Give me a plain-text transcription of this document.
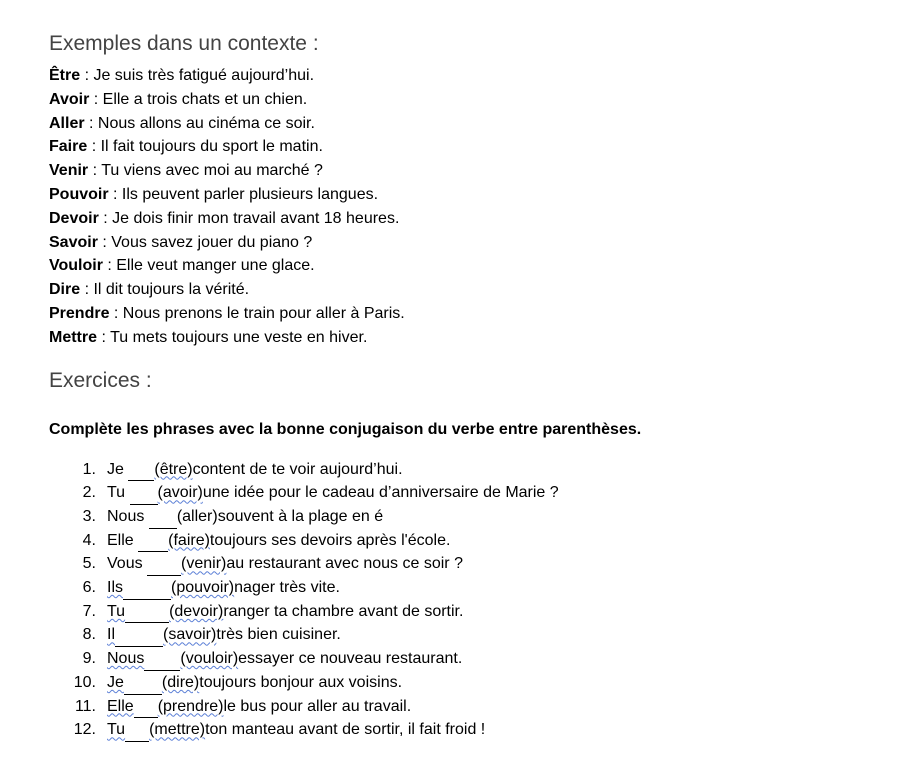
Exemples dans un contexte :
Être : Je suis très fatigué aujourd’hui.
Avoir : Elle a trois chats et un chien.
Aller : Nous allons au cinéma ce soir.
Faire : Il fait toujours du sport le matin.
Venir : Tu viens avec moi au marché ?
Pouvoir : Ils peuvent parler plusieurs langues.
Devoir : Je dois finir mon travail avant 18 heures.
Savoir : Vous savez jouer du piano ?
Vouloir : Elle veut manger une glace.
Dire : Il dit toujours la vérité.
Prendre : Nous prenons le train pour aller à Paris.
Mettre : Tu mets toujours une veste en hiver.
Exercices :

Complète les phrases avec la bonne conjugaison du verbe entre parenthèses.

1. Je
(être) content de te voir aujourd’hui.
2. Tu
(avoir) une idée pour le cadeau d’anniversaire de Marie ?
3. Nous
(aller) souvent à la plage en é
4. Elle
(faire) toujours ses devoirs après l'école.
5. Vous
(venir) au restaurant avec nous ce soir ?
6. Ils	(pouvoir) nager très vite.
7. Tu	(devoir) ranger ta chambre avant de sortir.
8. Il	(savoir) très bien cuisiner.
9. Nous (vouloir) essayer ce nouveau restaurant.
10. Je (dire) toujours bonjour aux voisins.
11. Elle (prendre) le bus pour aller au travail.
12. Tu (mettre) ton manteau avant de sortir, il fait froid !
